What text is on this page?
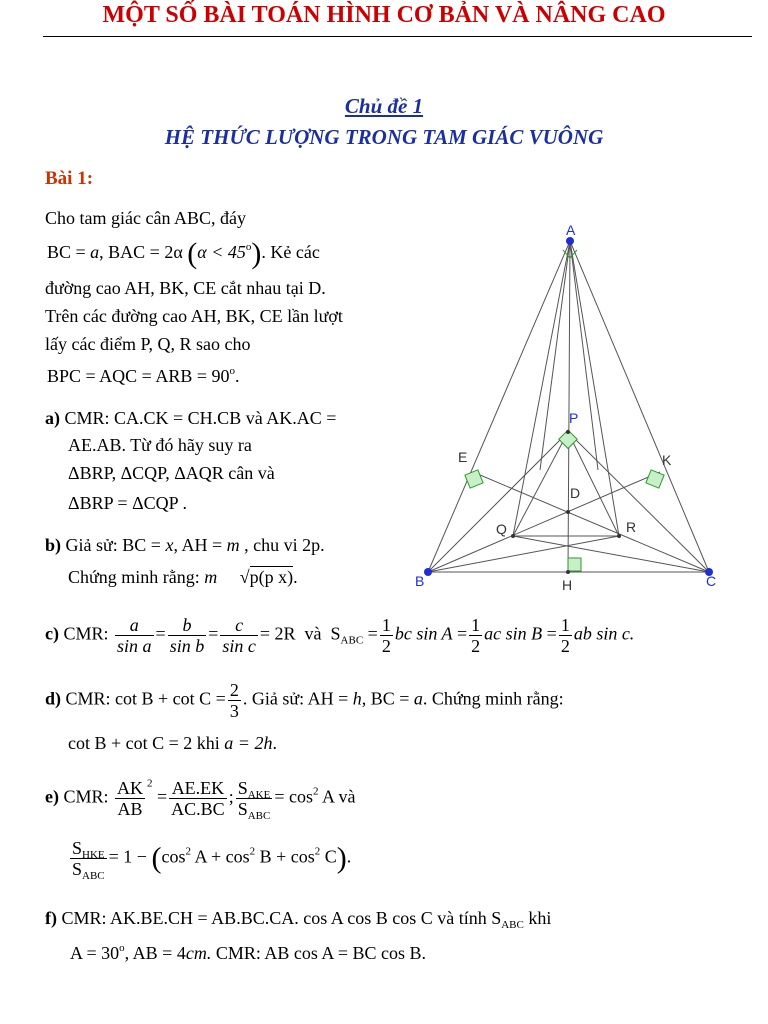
MỘT SỐ BÀI TOÁN HÌNH CƠ BẢN VÀ NÂNG CAO
Chủ đề 1
HỆ THỨC LƯỢNG TRONG TAM GIÁC VUÔNG
Bài 1:
Cho tam giác cân ABC, đáy
BC = a, BAC = 2α $(\alpha < 45^o)$. Kẻ các
đường cao AH, BK, CE cắt nhau tại D.
Trên các đường cao AH, BK, CE lần lượt
lấy các điểm P, Q, R sao cho
BPC = AQC = ARB = $90^o$.
a) CMR: CA.CK = CH.CB và AK.AC =
AE.AB. Từ đó hãy suy ra
ΔBRP, ΔCQP, ΔAQR cân và
ΔBRP = ΔCQP .
b) Giả sử: BC = x, AH = m , chu vi 2p.
Chứng minh rằng: m √p(p x).
c) CMR: $\frac{a}{\text{sin a}} = \frac{b}{\text{sin b}} = \frac{c}{\text{sin c}} = 2R$ và $S_{ABC} = \frac{1}{2}$ bc $\sin A = \frac{1}{2}$ ac $\sin B = \frac{1}{2}$ ab sin c.
d) CMR: $\cot B + \cot C = \frac{2}{3}$ . Giả sử: AH = h, BC = a. Chứng minh rằng:
cot B + cot C = 2 khi a = 2h.
e) CMR: $\frac{AK}{AB} ^2 = \frac{AE.EK}{AC.BC}$ ; $\frac{S_{AKE}}{S_{ABC}} = \cos^2 A$ và
$\frac{S_{HKE}}{S_{ABC}} = 1 - (\cos^2$ $A + \cos^2 B + \cos^2 C$).
f) CMR: AK.BE.CH = AB.BC.CA. cos A cos B cos C và tính $S_{ABC}$ khi
$A = 30^o$, AB = 4cm. CMR: AB cos A = BC cos B.
A
B	C
H
P
D
E	K
Q	R
